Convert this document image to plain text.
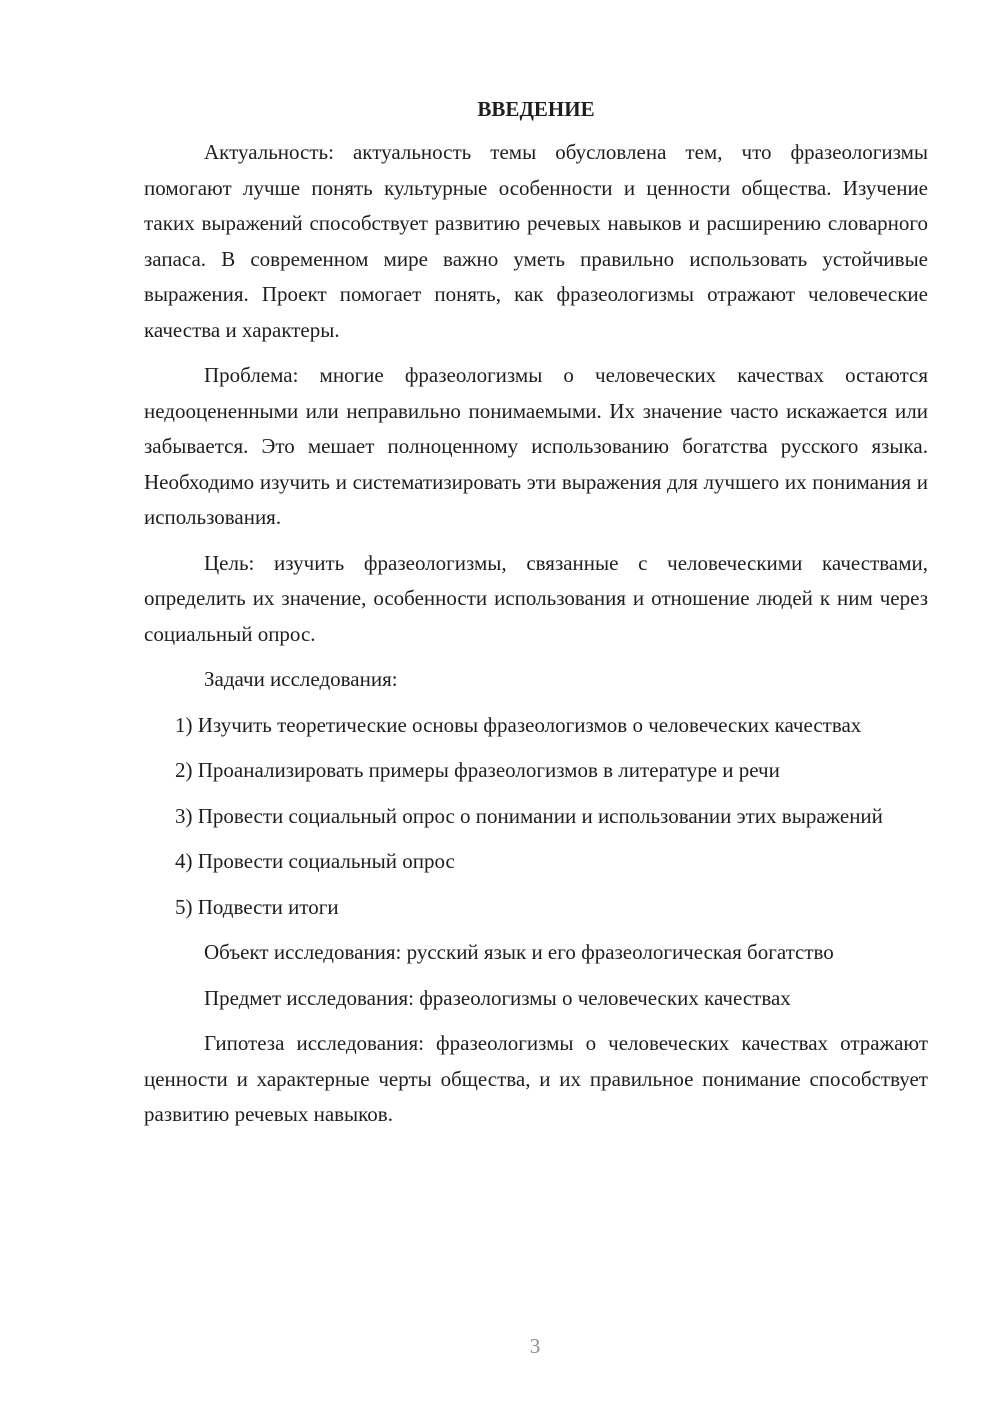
ВВЕДЕНИЕ

Актуальность: актуальность темы обусловлена тем, что фразеологизмы помогают лучше понять культурные особенности и ценности общества. Изучение таких выражений способствует развитию речевых навыков и расширению словарного запаса. В современном мире важно уметь правильно использовать устойчивые выражения. Проект помогает понять, как фразеологизмы отражают человеческие качества и характеры.

Проблема: многие фразеологизмы о человеческих качествах остаются недооцененными или неправильно понимаемыми. Их значение часто искажается или забывается. Это мешает полноценному использованию богатства русского языка. Необходимо изучить и систематизировать эти выражения для лучшего их понимания и использования.

Цель: изучить фразеологизмы, связанные с человеческими качествами, определить их значение, особенности использования и отношение людей к ним через социальный опрос.

Задачи исследования:

1) Изучить теоретические основы фразеологизмов о человеческих качествах

2) Проанализировать примеры фразеологизмов в литературе и речи

3) Провести социальный опрос о понимании и использовании этих выражений

4) Провести социальный опрос

5) Подвести итоги

Объект исследования: русский язык и его фразеологическая богатство

Предмет исследования: фразеологизмы о человеческих качествах

Гипотеза исследования: фразеологизмы о человеческих качествах отражают ценности и характерные черты общества, и их правильное понимание способствует развитию речевых навыков.

3
